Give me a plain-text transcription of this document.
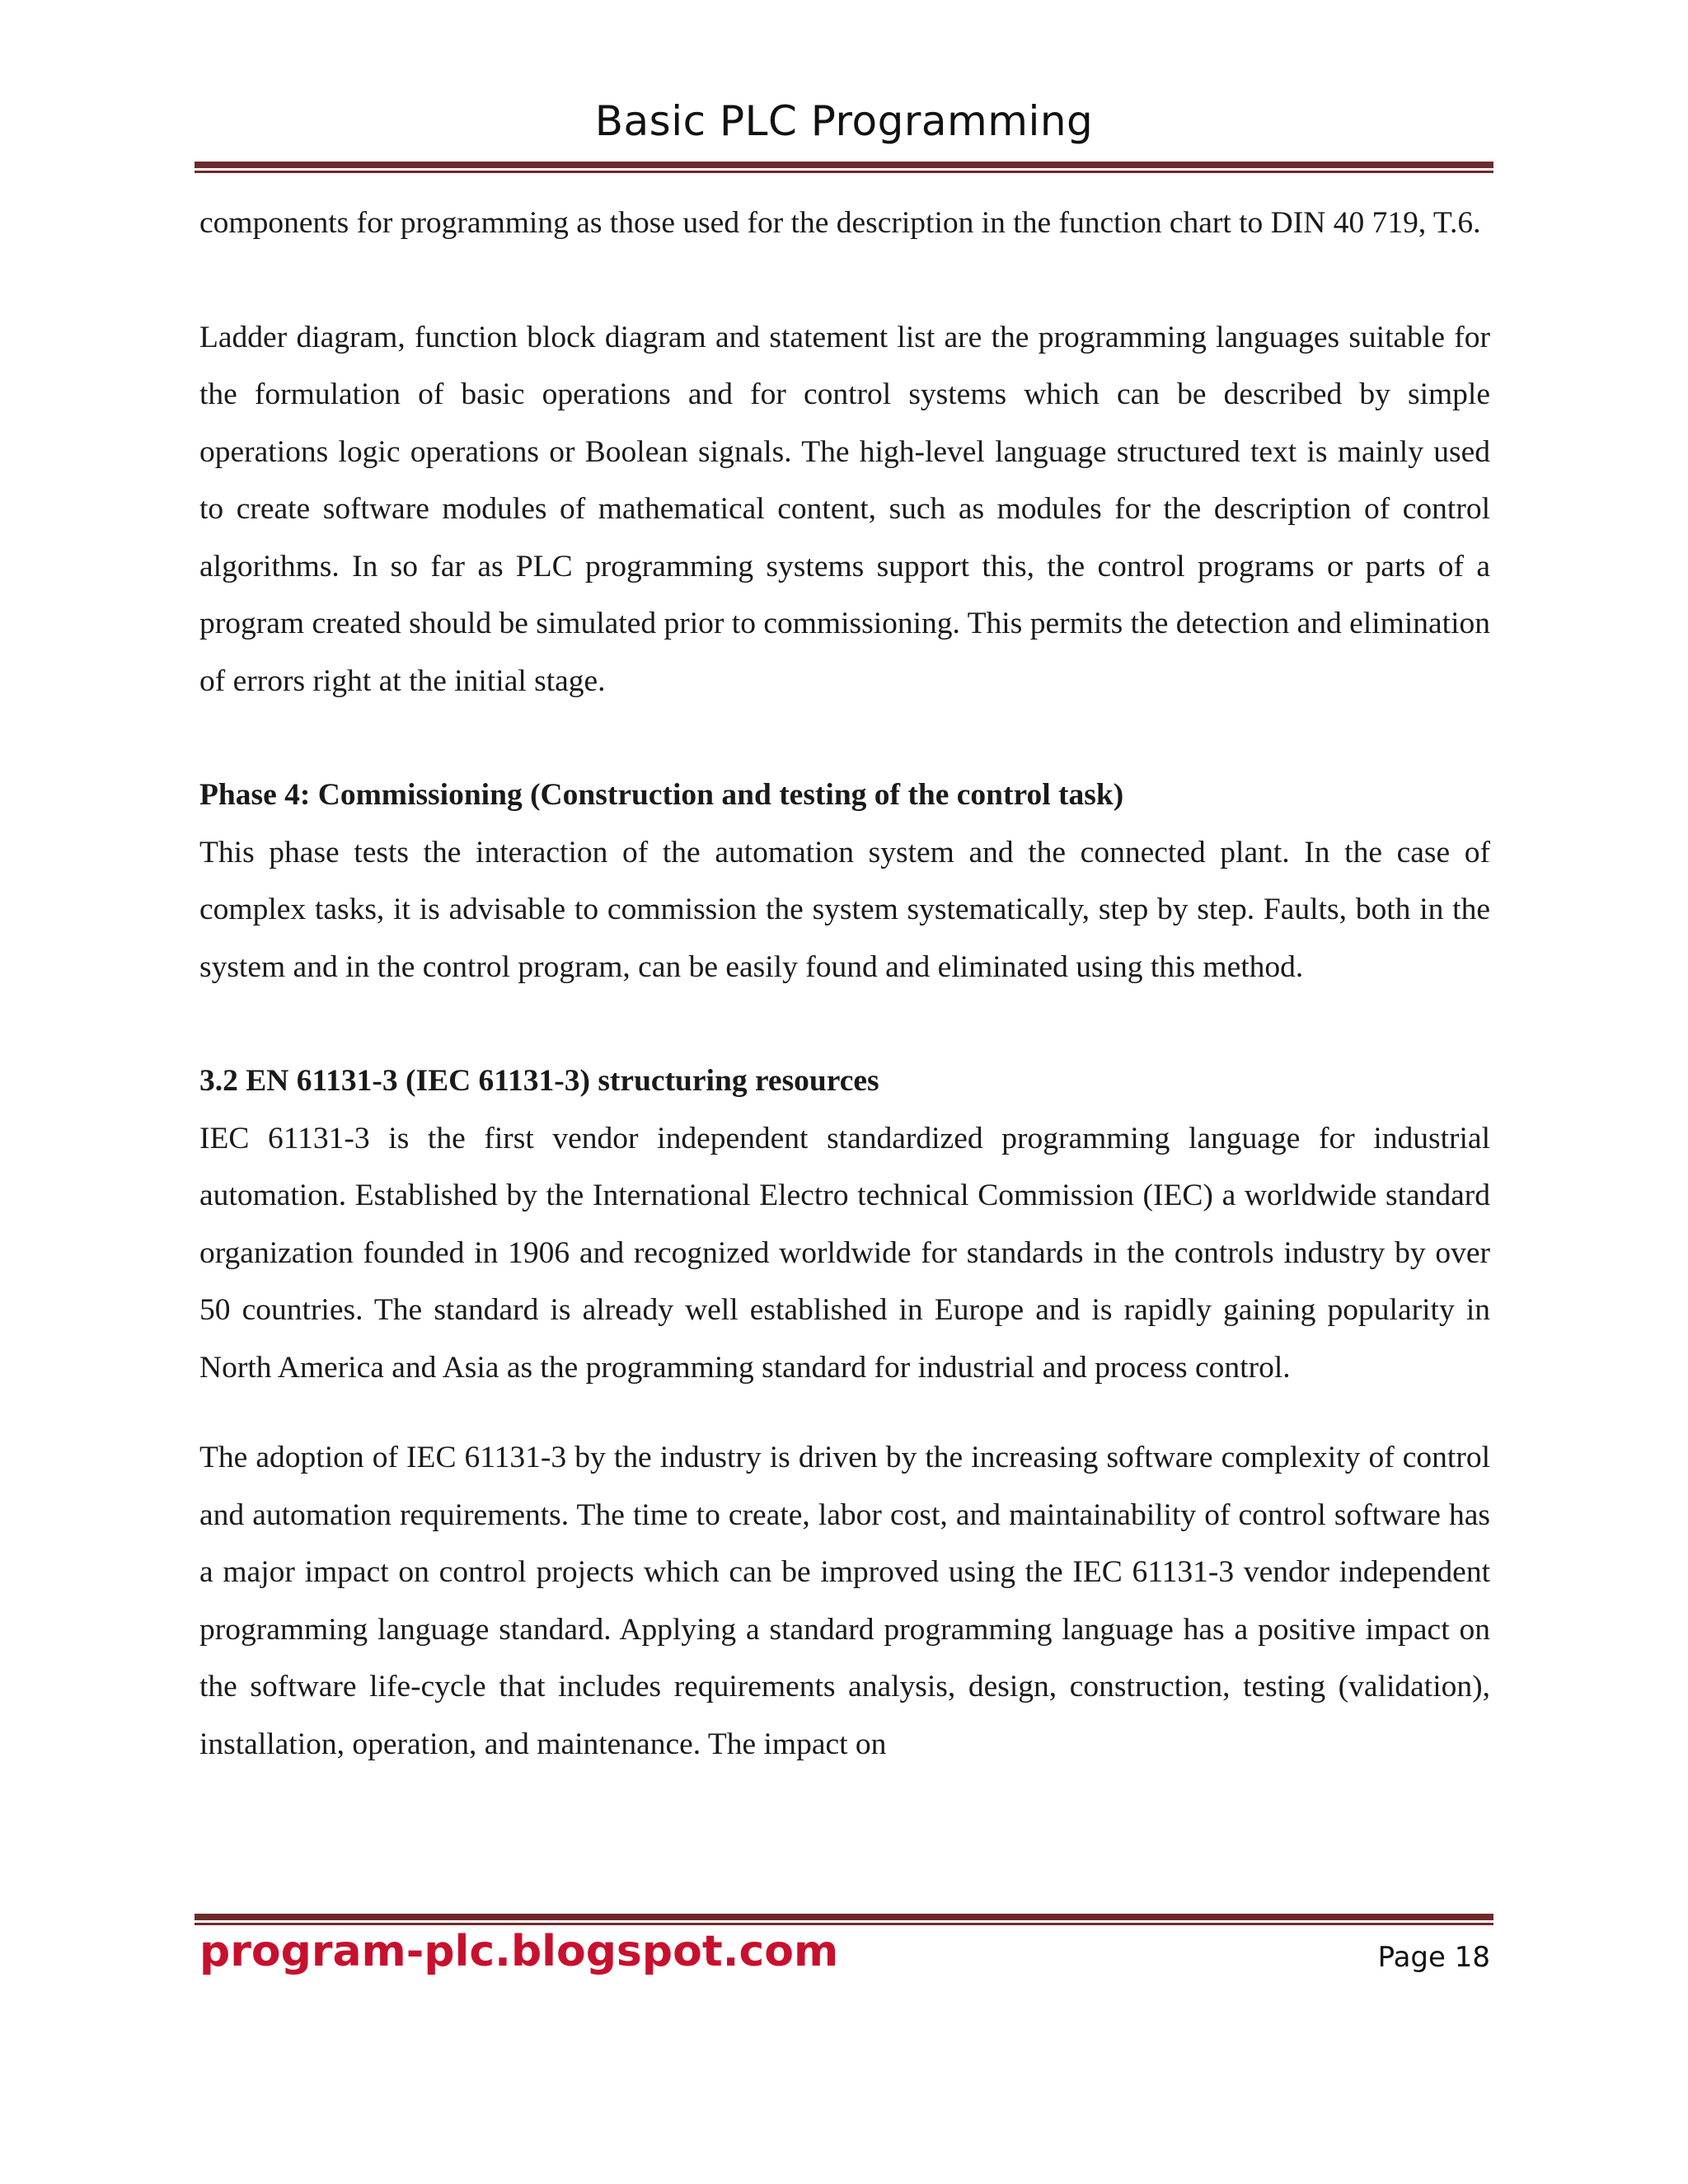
Basic PLC Programming

components for programming as those used for the description in the function chart to DIN 40 719, T.6.

Ladder diagram, function block diagram and statement list are the programming languages suitable for the formulation of basic operations and for control systems which can be described by simple operations logic operations or Boolean signals. The high-level language structured text is mainly used to create software modules of mathematical content, such as modules for the description of control algorithms. In so far as PLC programming systems support this, the control programs or parts of a program created should be simulated prior to commissioning. This permits the detection and elimination of errors right at the initial stage.

Phase 4: Commissioning (Construction and testing of the control task)

This phase tests the interaction of the automation system and the connected plant. In the case of complex tasks, it is advisable to commission the system systematically, step by step. Faults, both in the system and in the control program, can be easily found and eliminated using this method.

3.2 EN 61131-3 (IEC 61131-3) structuring resources

IEC 61131-3 is the first vendor independent standardized programming language for industrial automation. Established by the International Electro technical Commission (IEC) a worldwide standard organization founded in 1906 and recognized worldwide for standards in the controls industry by over 50 countries. The standard is already well established in Europe and is rapidly gaining popularity in North America and Asia as the programming standard for industrial and process control.

The adoption of IEC 61131-3 by the industry is driven by the increasing software complexity of control and automation requirements. The time to create, labor cost, and maintainability of control software has a major impact on control projects which can be improved using the IEC 61131-3 vendor independent programming language standard. Applying a standard programming language has a positive impact on the software life-cycle that includes requirements analysis, design, construction, testing (validation), installation, operation, and maintenance. The impact on

program-plc.blogspot.com	Page 18
